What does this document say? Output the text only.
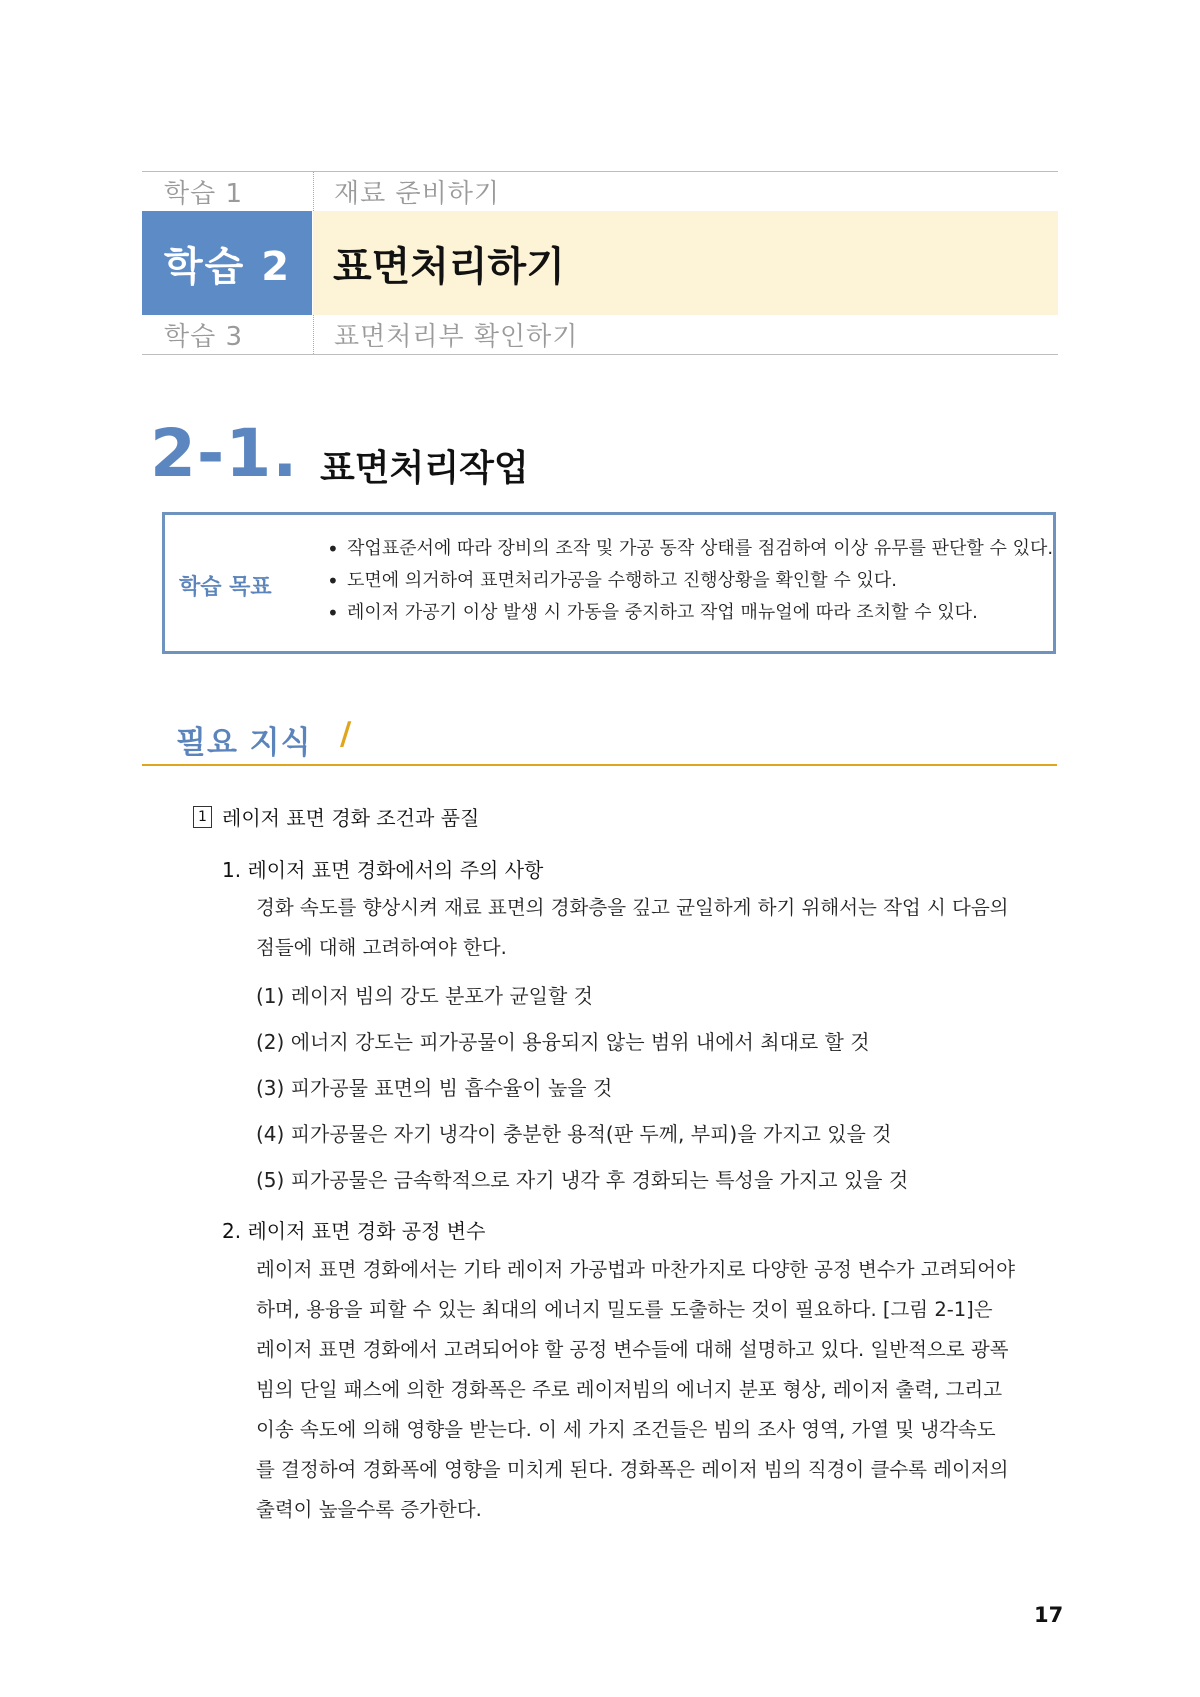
학습 1	재료 준비하기
학습 2 표면처리하기
학습 3	표면처리부 확인하기
2-1. 표면처리작업
학습 목표
• 작업표준서에 따라 장비의 조작 및 가공 동작 상태를 점검하여 이상 유무를 판단할 수 있다.
• 도면에 의거하여 표면처리가공을 수행하고 진행상황을 확인할 수 있다.
• 레이저 가공기 이상 발생 시 가동을 중지하고 작업 매뉴얼에 따라 조치할 수 있다.
필요 지식 /
1 레이저 표면 경화 조건과 품질
1. 레이저 표면 경화에서의 주의 사항
경화 속도를 향상시켜 재료 표면의 경화층을 깊고 균일하게 하기 위해서는 작업 시 다음의
점들에 대해 고려하여야 한다.
(1) 레이저 빔의 강도 분포가 균일할 것
(2) 에너지 강도는 피가공물이 용융되지 않는 범위 내에서 최대로 할 것
(3) 피가공물 표면의 빔 흡수율이 높을 것
(4) 피가공물은 자기 냉각이 충분한 용적(판 두께, 부피)을 가지고 있을 것
(5) 피가공물은 금속학적으로 자기 냉각 후 경화되는 특성을 가지고 있을 것
2. 레이저 표면 경화 공정 변수
레이저 표면 경화에서는 기타 레이저 가공법과 마찬가지로 다양한 공정 변수가 고려되어야
하며, 용융을 피할 수 있는 최대의 에너지 밀도를 도출하는 것이 필요하다. [그림 2-1]은
레이저 표면 경화에서 고려되어야 할 공정 변수들에 대해 설명하고 있다. 일반적으로 광폭
빔의 단일 패스에 의한 경화폭은 주로 레이저빔의 에너지 분포 형상, 레이저 출력, 그리고
이송 속도에 의해 영향을 받는다. 이 세 가지 조건들은 빔의 조사 영역, 가열 및 냉각속도
를 결정하여 경화폭에 영향을 미치게 된다. 경화폭은 레이저 빔의 직경이 클수록 레이저의
출력이 높을수록 증가한다.
17
